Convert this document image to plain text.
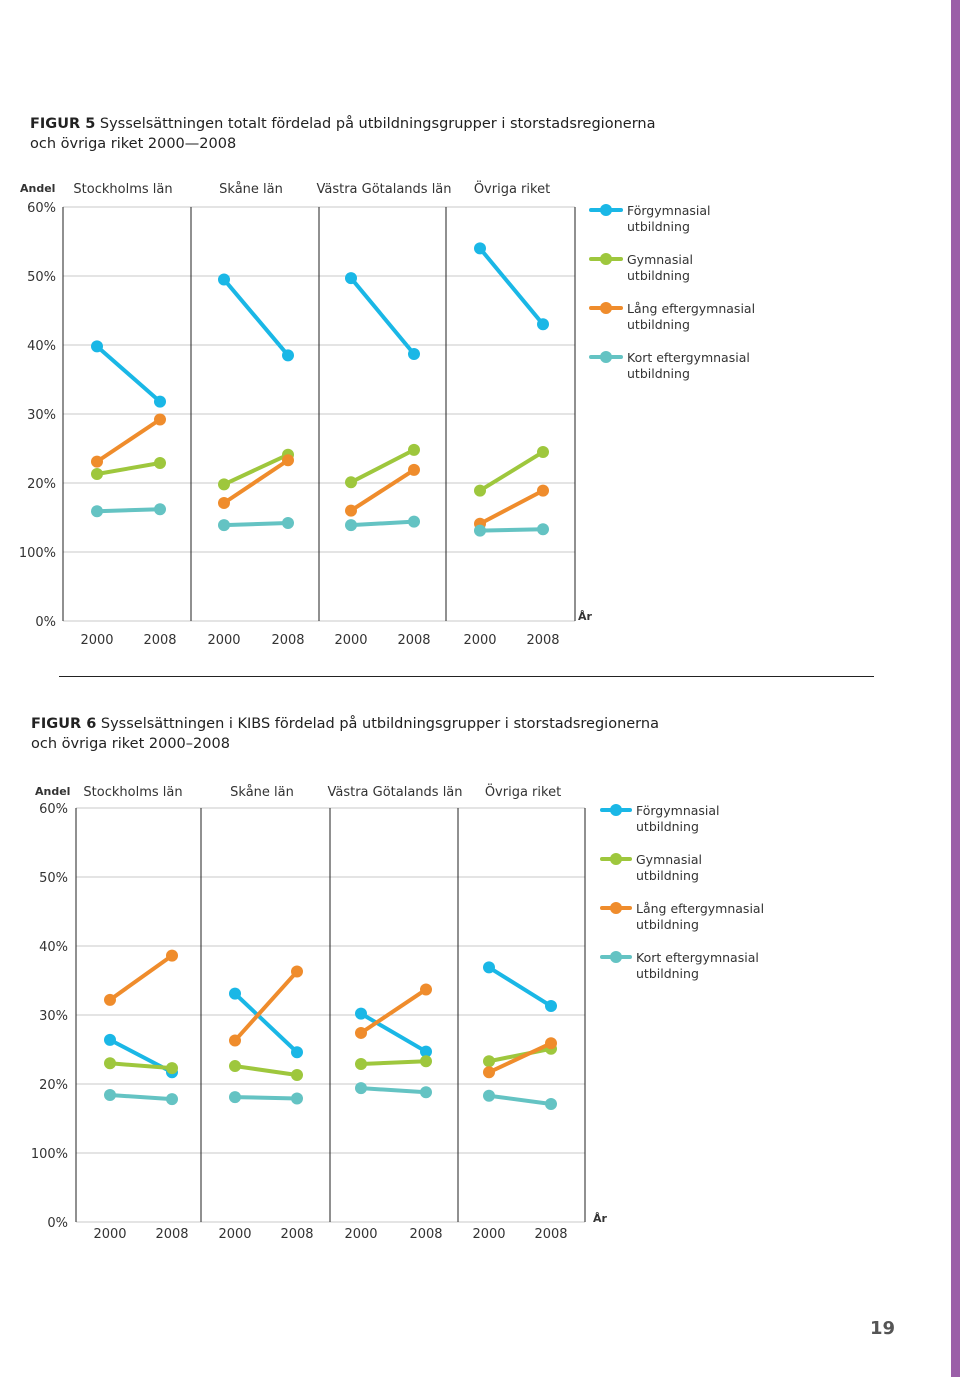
FIGUR 5 Sysselsättningen totalt fördelad på utbildningsgrupper i storstadsregionerna
och övriga riket 2000—2008
60%
50%
40%
30%
20%
100%
0%
Andel
År
Stockholms län
2000 2008
Skåne län
2000 2008
Västra Götalands län
2000 2008
Övriga riket
2000 2008
Förgymnasial utbildning
Gymnasial utbildning
Lång eftergymnasial utbildning
Kort eftergymnasial utbildning
FIGUR 6 Sysselsättningen i KIBS fördelad på utbildningsgrupper i storstadsregionerna
och övriga riket 2000–2008
60%
50%
40%
30%
20%
100%
0%
Andel
År
Stockholms län
2000 2008
Skåne län
2000 2008
Västra Götalands län
2000 2008
Övriga riket
2000 2008
Förgymnasial utbildning
Gymnasial utbildning
Lång eftergymnasial utbildning
Kort eftergymnasial utbildning
19
